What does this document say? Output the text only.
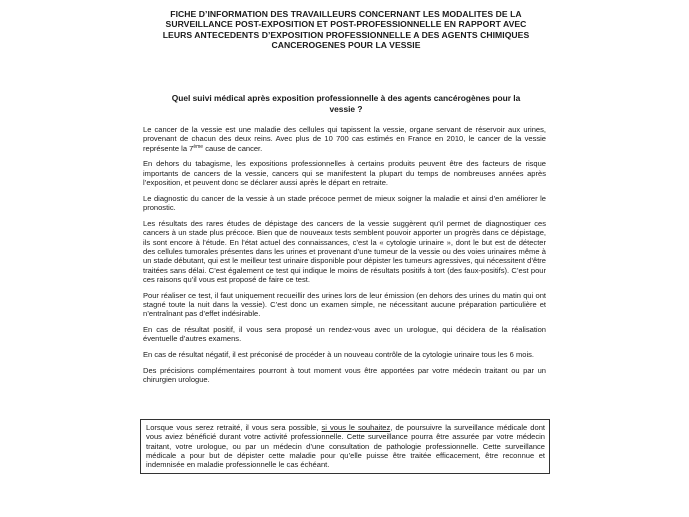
FICHE D’INFORMATION DES TRAVAILLEURS CONCERNANT LES MODALITES DE LA
SURVEILLANCE POST-EXPOSITION ET POST-PROFESSIONNELLE EN RAPPORT AVEC
LEURS ANTECEDENTS D’EXPOSITION PROFESSIONNELLE A DES AGENTS CHIMIQUES
CANCEROGENES POUR LA VESSIE
Quel suivi médical après exposition professionnelle à des agents cancérogènes pour la
vessie ?

Le cancer de la vessie est une maladie des cellules qui tapissent la vessie, organe servant de réservoir aux urines, provenant de chacun des deux reins. Avec plus de 10 700 cas estimés en France en 2010, le cancer de la vessie représente la 7ème cause de cancer.

En dehors du tabagisme, les expositions professionnelles à certains produits peuvent être des facteurs de risque importants de cancers de la vessie, cancers qui se manifestent la plupart du temps de nombreuses années après l’exposition, et peuvent donc se déclarer aussi après le départ en retraite.

Le diagnostic du cancer de la vessie à un stade précoce permet de mieux soigner la maladie et ainsi d’en améliorer le pronostic.

Les résultats des rares études de dépistage des cancers de la vessie suggèrent qu’il permet de diagnostiquer ces cancers à un stade plus précoce. Bien que de nouveaux tests semblent pouvoir apporter un progrès dans ce dépistage, ils sont encore à l’étude. En l’état actuel des connaissances, c’est la « cytologie urinaire », dont le but est de détecter des cellules tumorales présentes dans les urines et provenant d’une tumeur de la vessie ou des voies urinaires même à un stade débutant, qui est le meilleur test urinaire disponible pour dépister les tumeurs agressives, qui nécessitent d’être traitées sans délai. C’est également ce test qui indique le moins de résultats positifs à tort (des faux-positifs). C’est pour ces raisons qu’il vous est proposé de faire ce test.

Pour réaliser ce test, il faut uniquement recueillir des urines lors de leur émission (en dehors des urines du matin qui ont stagné toute la nuit dans la vessie). C’est donc un examen simple, ne nécessitant aucune préparation particulière et n’entraînant pas d’effet indésirable.

En cas de résultat positif, il vous sera proposé un rendez-vous avec un urologue, qui décidera de la réalisation éventuelle d’autres examens.

En cas de résultat négatif, il est préconisé de procéder à un nouveau contrôle de la cytologie urinaire tous les 6 mois.

Des précisions complémentaires pourront à tout moment vous être apportées par votre médecin traitant ou par un chirurgien urologue.

Lorsque vous serez retraité, il vous sera possible, si vous le souhaitez, de poursuivre la surveillance médicale dont vous aviez bénéficié durant votre activité professionnelle. Cette surveillance pourra être assurée par votre médecin traitant, votre urologue, ou par un médecin d’une consultation de pathologie professionnelle. Cette surveillance médicale a pour but de dépister cette maladie pour qu’elle puisse être traitée efficacement, être reconnue et indemnisée en maladie professionnelle le cas échéant.
